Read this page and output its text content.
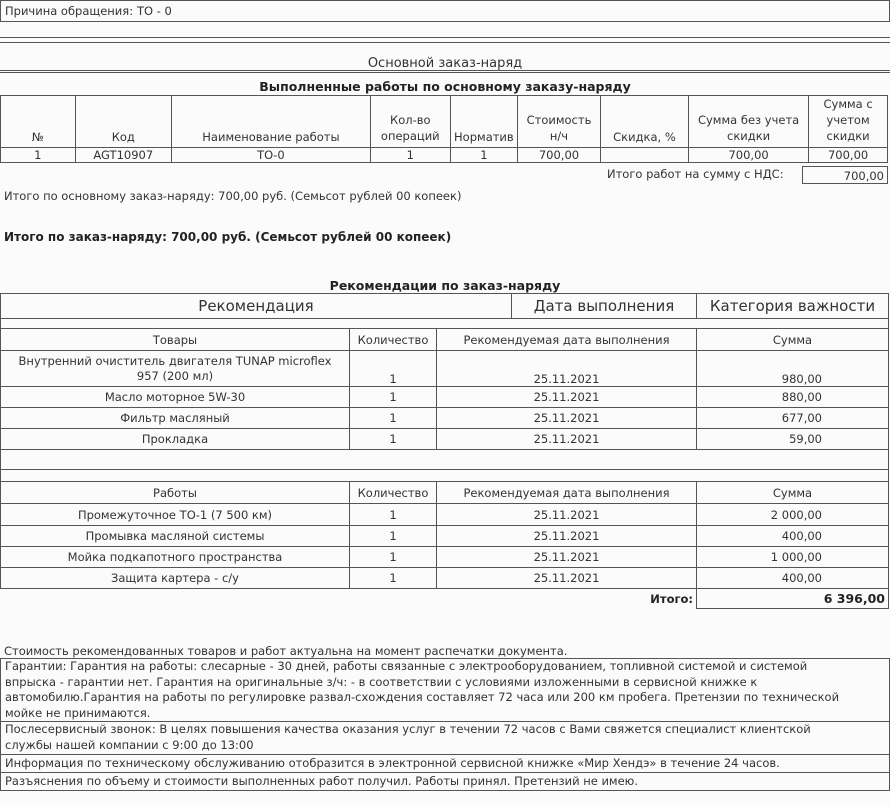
Причина обращения: ТО - 0
Основной заказ-наряд
Выполненные работы по основному заказу-наряду
№	Код	Наименование работы	Кол-во операций	Норматив	Стоимость н/ч	Скидка, %	Сумма без учета скидки	Сумма с учетом скидки
1	AGT10907	ТО-0	1	1	700,00		700,00	700,00
Итого работ на сумму с НДС:	700,00
Итого по основному заказ-наряду: 700,00 руб. (Семьсот рублей 00 копеек)
Итого по заказ-наряду: 700,00 руб. (Семьсот рублей 00 копеек)
Рекомендации по заказ-наряду
Рекомендация	Дата выполнения	Категория важности

Товары	Количество	Рекомендуемая дата выполнения	Сумма

Внутренний очиститель двигателя TUNAP microflex
957 (200 мл)	1	25.11.2021	980,00
Масло моторное 5W-30	1	25.11.2021	880,00
Фильтр масляный	1	25.11.2021	677,00
Прокладка	1	25.11.2021	59,00

Работы	Количество	Рекомендуемая дата выполнения	Сумма
Промежуточное ТО-1 (7 500 км)	1	25.11.2021	2 000,00
Промывка масляной системы	1	25.11.2021	400,00
Мойка подкапотного пространства	1	25.11.2021	1 000,00
Защита картера - с/у	1	25.11.2021	400,00
		Итого:	6 396,00
Стоимость рекомендованных товаров и работ актуальна на момент распечатки документа.
Гарантии: Гарантия на работы: слесарные - 30 дней, работы связанные с электрооборудованием, топливной системой и системой
впрыска - гарантии нет. Гарантия на оригинальные з/ч: - в соответствии с условиями изложенными в сервисной книжке к
автомобилю.Гарантия на работы по регулировке развал-схождения составляет 72 часа или 200 км пробега. Претензии по технической
мойке не принимаются.
Послесервисный звонок: В целях повышения качества оказания услуг в течении 72 часов с Вами свяжется специалист клиентской
службы нашей компании с 9:00 до 13:00
Информация по техническому обслуживанию отобразится в электронной сервисной книжке «Мир Хендэ» в течение 24 часов.
Разъяснения по объему и стоимости выполненных работ получил. Работы принял. Претензий не имею.
